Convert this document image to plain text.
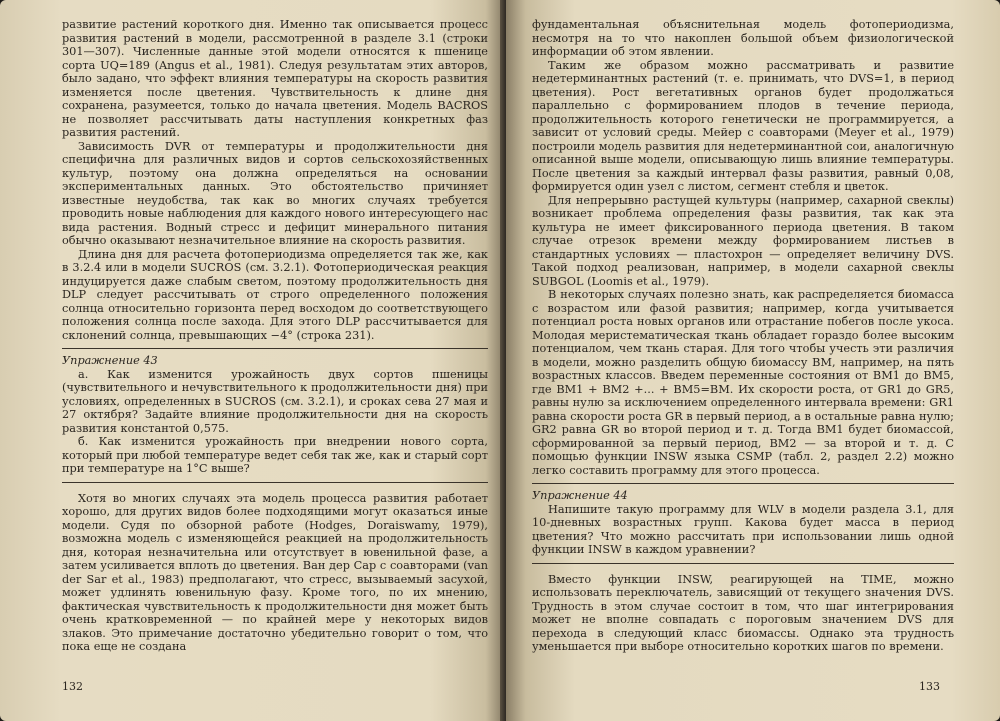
развитие растений короткого дня. Именно так описывается процесс развития растений в модели, рассмотренной в разделе 3.1 (строки 301—307). Численные данные этой модели относятся к пшенице сорта UQ=189 (Angus et al., 1981). Следуя результатам этих авторов, было задано, что эффект влияния температуры на скорость развития изменяется после цветения. Чувствительность к длине дня сохранена, разумеется, только до начала цветения. Модель BACROS не позволяет рассчитывать даты наступления конкретных фаз развития растений.

Зависимость DVR от температуры и продолжительности дня специфична для различных видов и сортов сельскохозяйственных культур, поэтому она должна определяться на основании экспериментальных данных. Это обстоятельство причиняет известные неудобства, так как во многих случаях требуется проводить новые наблюдения для каждого нового интересующего нас вида растения. Водный стресс и дефицит минерального питания обычно оказывают незначительное влияние на скорость развития.

Длина дня для расчета фотопериодизма определяется так же, как в 3.2.4 или в модели SUCROS (см. 3.2.1). Фотопериодическая реакция индуцируется даже слабым светом, поэтому продолжительность дня DLP следует рассчитывать от строго определенного положения солнца относительно горизонта перед восходом до соответствующего положения солнца после захода. Для этого DLP рассчитывается для склонений солнца, превышающих −4° (строка 231).

Упражнение 43

а. Как изменится урожайность двух сортов пшеницы (чувствительного и нечувствительного к продолжительности дня) при условиях, определенных в SUCROS (см. 3.2.1), и сроках сева 27 мая и 27 октября? Задайте влияние продолжительности дня на скорость развития константой 0,575.

б. Как изменится урожайность при внедрении нового сорта, который при любой температуре ведет себя так же, как и старый сорт при температуре на 1°С выше?

Хотя во многих случаях эта модель процесса развития работает хорошо, для других видов более подходящими могут оказаться иные модели. Судя по обзорной работе (Hodges, Doraiswamy, 1979), возможна модель с изменяющейся реакцией на продолжительность дня, которая незначительна или отсутствует в ювенильной фазе, а затем усиливается вплоть до цветения. Ван дер Сар с соавторами (van der Sar et al., 1983) предполагают, что стресс, вызываемый засухой, может удлинять ювенильную фазу. Кроме того, по их мнению, фактическая чувствительность к продолжительности дня может быть очень кратковременной — по крайней мере у некоторых видов злаков. Это примечание достаточно убедительно говорит о том, что пока еще не создана

132

фундаментальная объяснительная модель фотопериодизма, несмотря на то что накоплен большой объем физиологической информации об этом явлении.

Таким же образом можно рассматривать и развитие недетерминантных растений (т. е. принимать, что DVS=1, в период цветения). Рост вегетативных органов будет продолжаться параллельно с формированием плодов в течение периода, продолжительность которого генетически не программируется, а зависит от условий среды. Мейер с соавторами (Meyer et al., 1979) построили модель развития для недетерминантной сои, аналогичную описанной выше модели, описывающую лишь влияние температуры. После цветения за каждый интервал фазы развития, равный 0,08, формируется один узел с листом, сегмент стебля и цветок.

Для непрерывно растущей культуры (например, сахарной свеклы) возникает проблема определения фазы развития, так как эта культура не имеет фиксированного периода цветения. В таком случае отрезок времени между формированием листьев в стандартных условиях — пластохрон — определяет величину DVS. Такой подход реализован, например, в модели сахарной свеклы SUBGOL (Loomis et al., 1979).

В некоторых случаях полезно знать, как распределяется биомасса с возрастом или фазой развития; например, когда учитывается потенциал роста новых органов или отрастание побегов после укоса. Молодая меристематическая ткань обладает гораздо более высоким потенциалом, чем ткань старая. Для того чтобы учесть эти различия в модели, можно разделить общую биомассу BM, например, на пять возрастных классов. Введем переменные состояния от BM1 до BM5, где BM1 + BM2 +... + BM5=BM. Их скорости роста, от GR1 до GR5, равны нулю за исключением определенного интервала времени: GR1 равна скорости роста GR в первый период, а в остальные равна нулю; GR2 равна GR во второй период и т. д. Тогда BM1 будет биомассой, сформированной за первый период, BM2 — за второй и т. д. С помощью функции INSW языка CSMP (табл. 2, раздел 2.2) можно легко составить программу для этого процесса.

Упражнение 44

Напишите такую программу для WLV в модели раздела 3.1, для 10-дневных возрастных групп. Какова будет масса в период цветения? Что можно рассчитать при использовании лишь одной функции INSW в каждом уравнении?

Вместо функции INSW, реагирующей на TIME, можно использовать переключатель, зависящий от текущего значения DVS. Трудность в этом случае состоит в том, что шаг интегрирования может не вполне совпадать с пороговым значением DVS для перехода в следующий класс биомассы. Однако эта трудность уменьшается при выборе относительно коротких шагов по времени.

133
